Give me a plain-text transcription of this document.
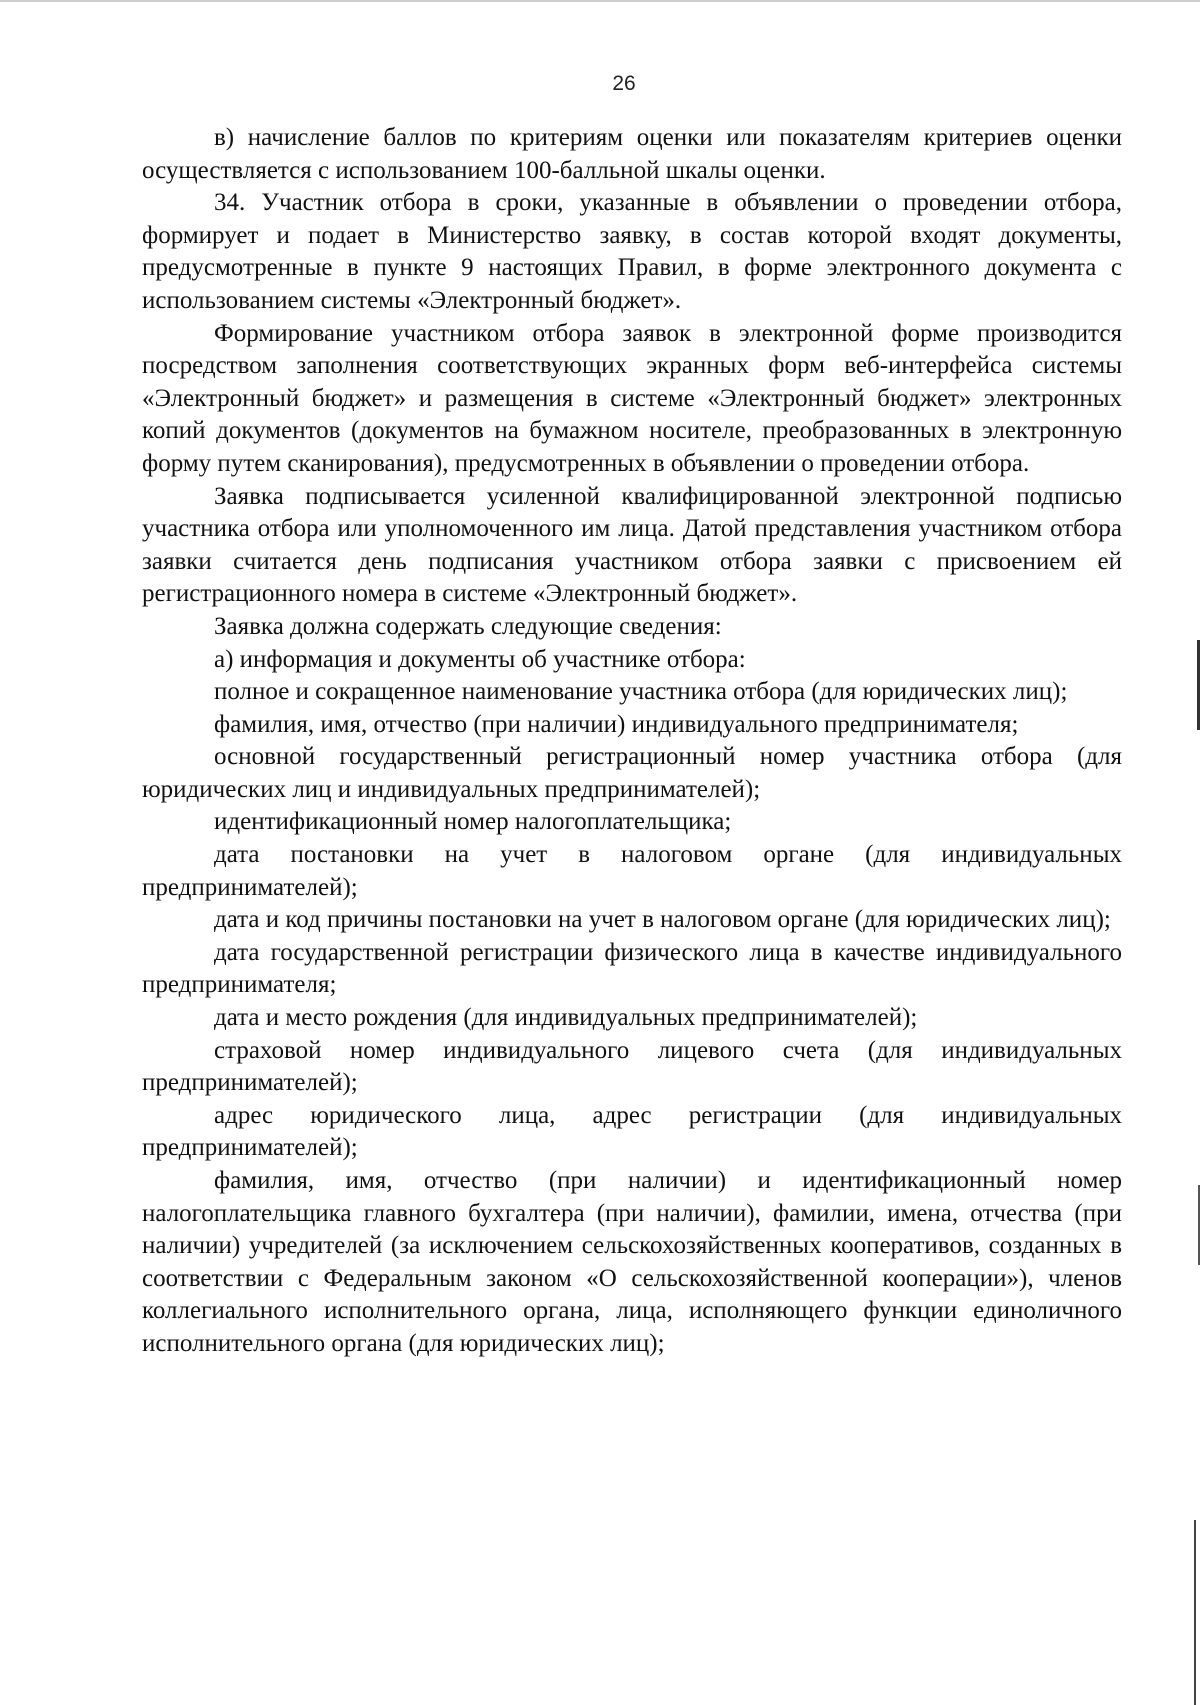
26

в) начисление баллов по критериям оценки или показателям критериев оценки осуществляется с использованием 100-балльной шкалы оценки.

34. Участник отбора в сроки, указанные в объявлении о проведении отбора, формирует и подает в Министерство заявку, в состав которой входят документы, предусмотренные в пункте 9 настоящих Правил, в форме электронного документа с использованием системы «Электронный бюджет».

Формирование участником отбора заявок в электронной форме производится посредством заполнения соответствующих экранных форм веб-интерфейса системы «Электронный бюджет» и размещения в системе «Электронный бюджет» электронных копий документов (документов на бумажном носителе, преобразованных в электронную форму путем сканирования), предусмотренных в объявлении о проведении отбора.

Заявка подписывается усиленной квалифицированной электронной подписью участника отбора или уполномоченного им лица. Датой представления участником отбора заявки считается день подписания участником отбора заявки с присвоением ей регистрационного номера в системе «Электронный бюджет».

Заявка должна содержать следующие сведения:

а) информация и документы об участнике отбора:

полное и сокращенное наименование участника отбора (для юридических лиц);

фамилия, имя, отчество (при наличии) индивидуального предпринимателя;

основной государственный регистрационный номер участника отбора (для юридических лиц и индивидуальных предпринимателей);

идентификационный номер налогоплательщика;

дата постановки на учет в налоговом органе (для индивидуальных предпринимателей);

дата и код причины постановки на учет в налоговом органе (для юридических лиц);

дата государственной регистрации физического лица в качестве индивидуального предпринимателя;

дата и место рождения (для индивидуальных предпринимателей);

страховой номер индивидуального лицевого счета (для индивидуальных предпринимателей);

адрес юридического лица, адрес регистрации (для индивидуальных предпринимателей);

фамилия, имя, отчество (при наличии) и идентификационный номер налогоплательщика главного бухгалтера (при наличии), фамилии, имена, отчества (при наличии) учредителей (за исключением сельскохозяйственных кооперативов, созданных в соответствии с Федеральным законом «О сельскохозяйственной кооперации»), членов коллегиального исполнительного органа, лица, исполняющего функции единоличного исполнительного органа (для юридических лиц);
